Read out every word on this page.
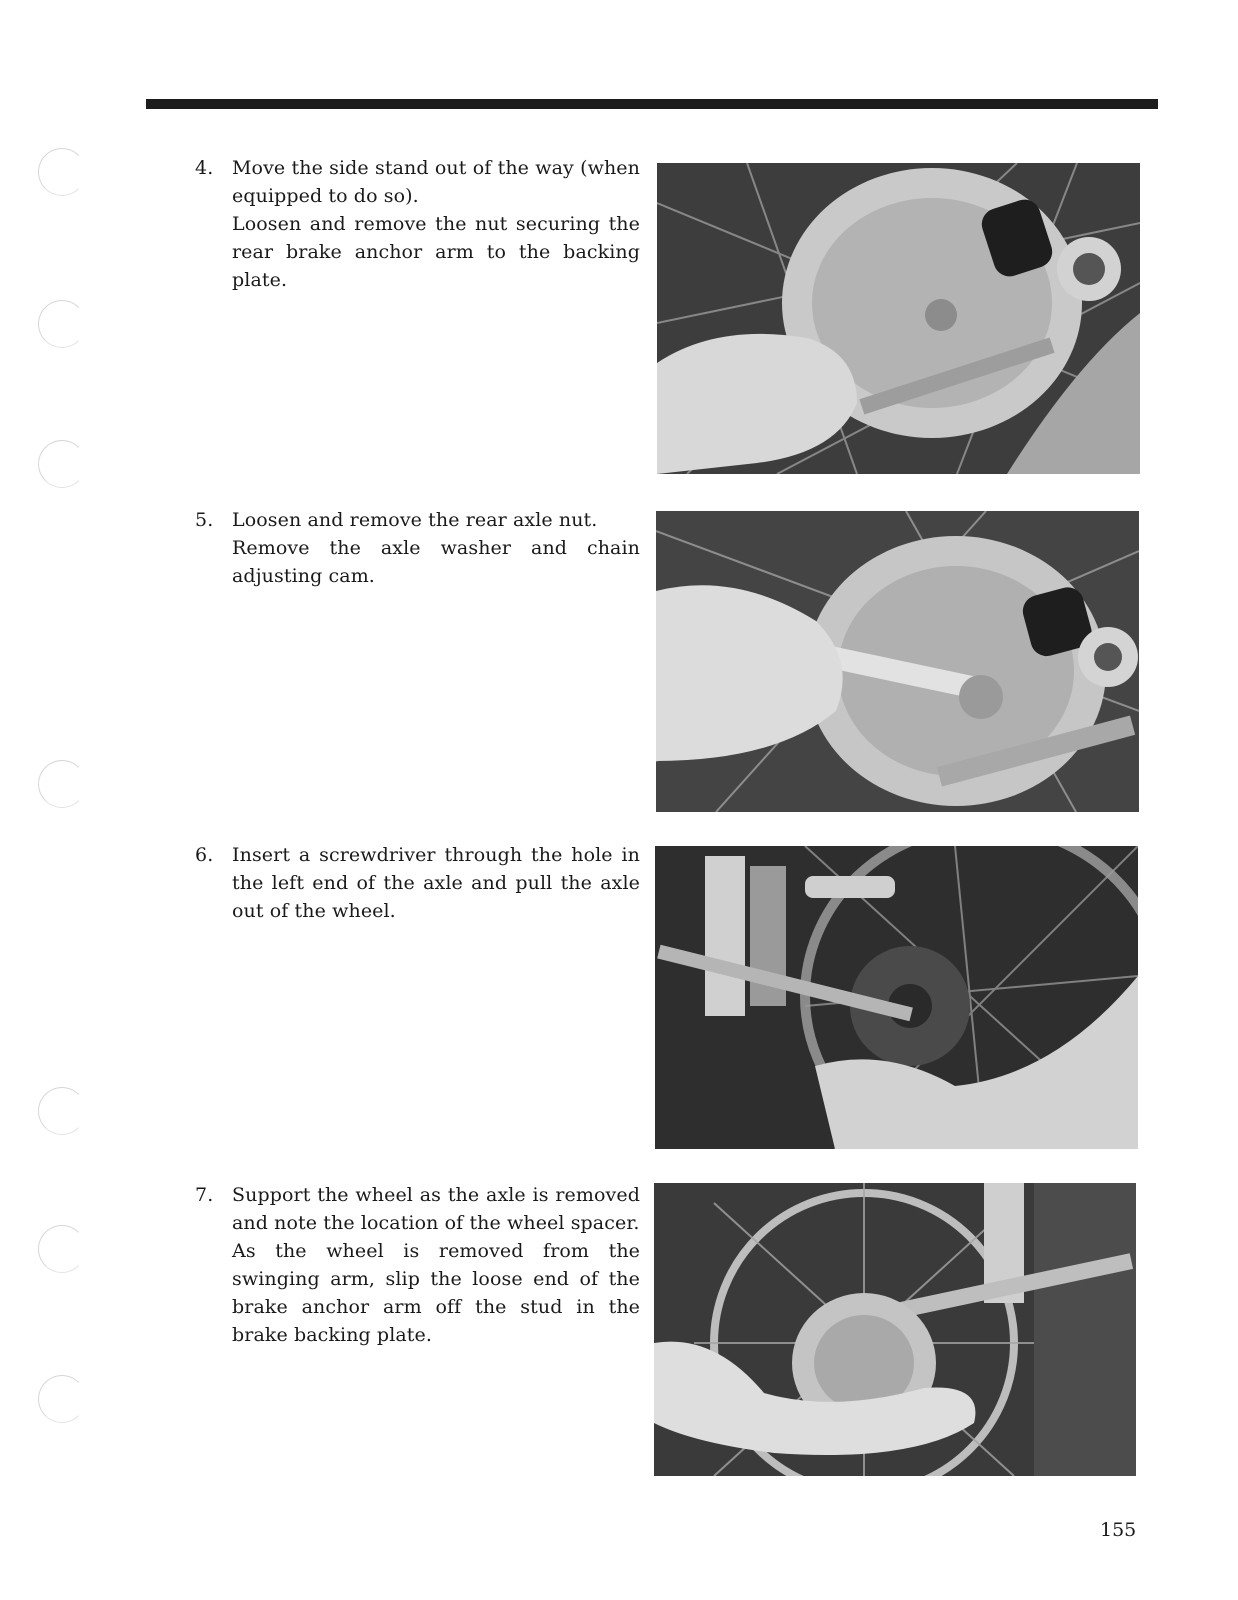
4. Move the side stand out of the way (when equipped to do so).

Loosen and remove the nut securing the rear brake anchor arm to the backing plate.

5. Loosen and remove the rear axle nut.

Remove the axle washer and chain adjusting cam.

6. Insert a screwdriver through the hole in the left end of the axle and pull the axle out of the wheel.

7. Support the wheel as the axle is removed and note the location of the wheel spacer.

As the wheel is removed from the swinging arm, slip the loose end of the brake anchor arm off the stud in the brake backing plate.

155
